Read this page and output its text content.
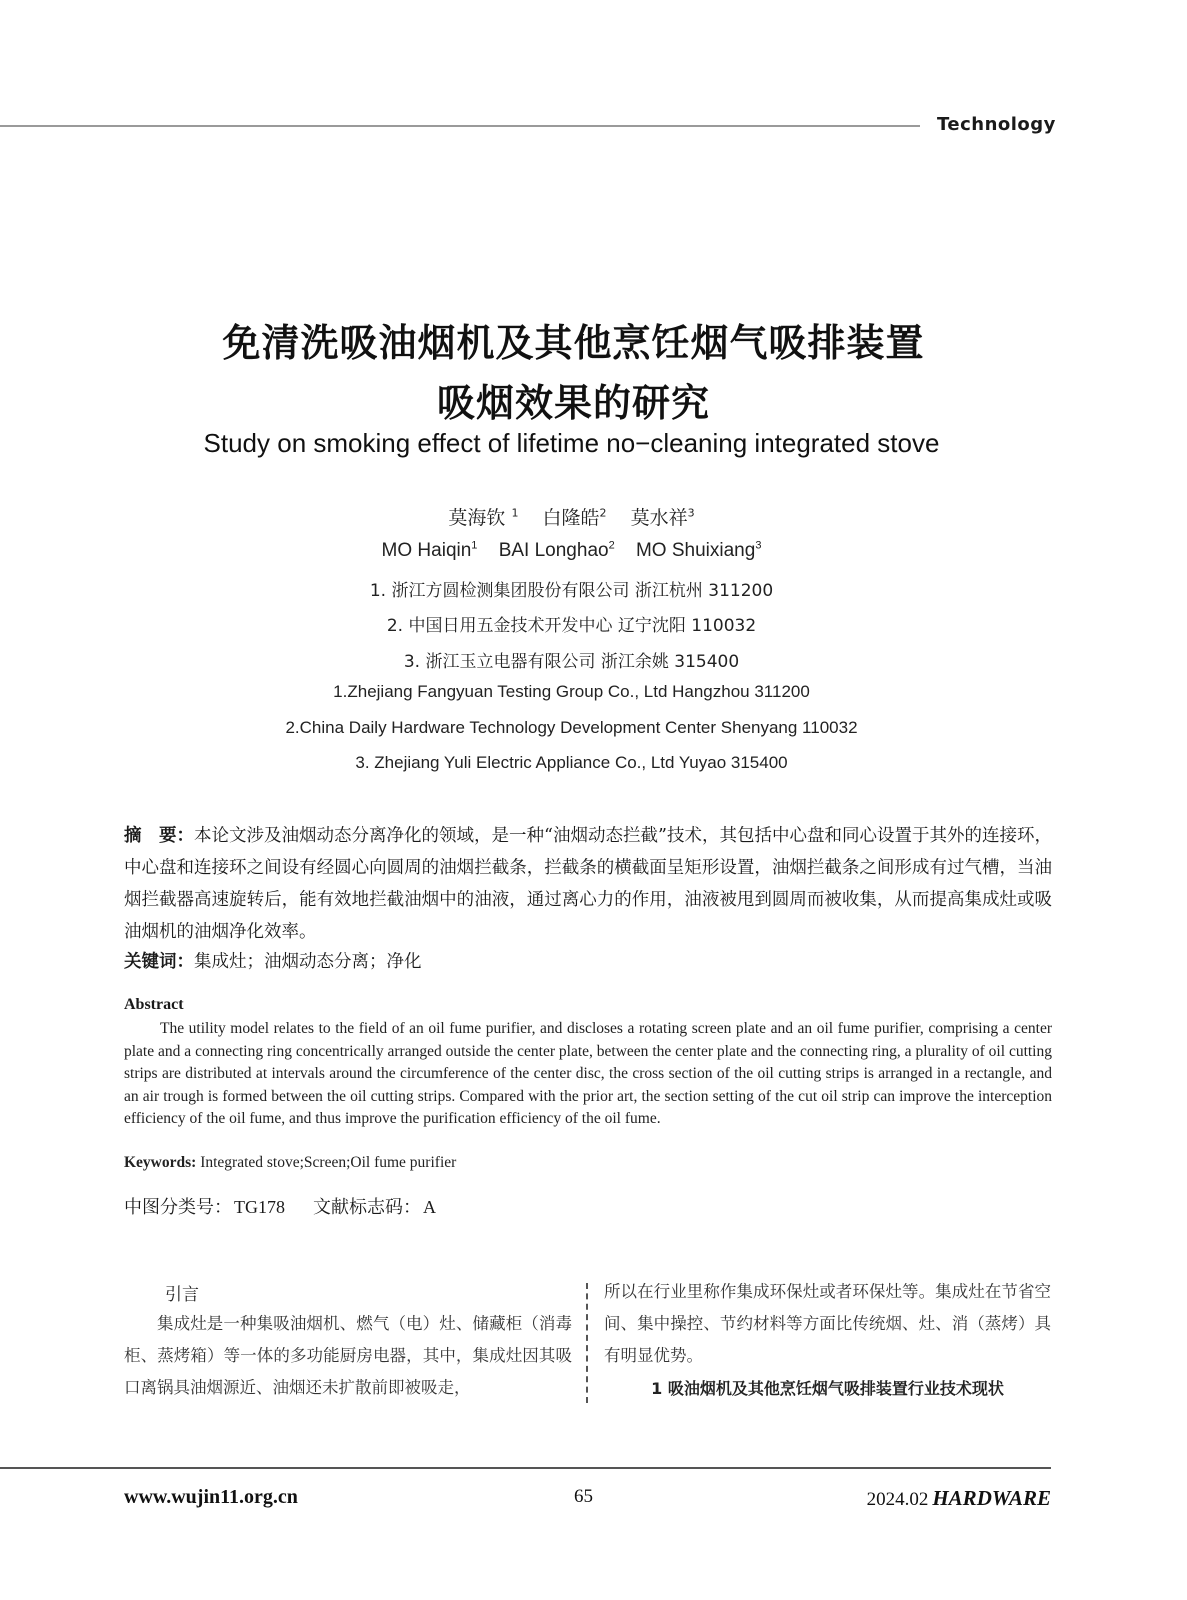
Technology
免清洗吸油烟机及其他烹饪烟气吸排装置
吸烟效果的研究
Study on smoking effect of lifetime no−cleaning integrated stove
莫海钦 $^1$ 白隆皓$^2$ 莫水祥$^3$
MO Haiqin$^1$ BAI Longhao$^2$ MO Shuixiang$^3$
1. 浙江方圆检测集团股份有限公司 浙江杭州 311200
2. 中国日用五金技术开发中心 辽宁沈阳 110032
3. 浙江玉立电器有限公司 浙江余姚 315400
1.Zhejiang Fangyuan Testing Group Co., Ltd Hangzhou 311200
2.China Daily Hardware Technology Development Center Shenyang 110032
3. Zhejiang Yuli Electric Appliance Co., Ltd Yuyao 315400
摘　要：本论文涉及油烟动态分离净化的领域，是一种“油烟动态拦截”技术，其包括中心盘和同心设置于其外的连接环，中心盘和连接环之间设有经圆心向圆周的油烟拦截条，拦截条的横截面呈矩形设置，油烟拦截条之间形成有过气槽，当油烟拦截器高速旋转后，能有效地拦截油烟中的油液，通过离心力的作用，油液被甩到圆周而被收集，从而提高集成灶或吸油烟机的油烟净化效率。
关键词：集成灶；油烟动态分离；净化
Abstract
The utility model relates to the field of an oil fume purifier, and discloses a rotating screen plate and an oil fume purifier, comprising a center plate and a connecting ring concentrically arranged outside the center plate, between the center plate and the connecting ring, a plurality of oil cutting strips are distributed at intervals around the circumference of the center disc, the cross section of the oil cutting strips is arranged in a rectangle, and an air trough is formed between the oil cutting strips. Compared with the prior art, the section setting of the cut oil strip can improve the interception efficiency of the oil fume, and thus improve the purification efficiency of the oil fume.
Keywords: Integrated stove;Screen;Oil fume purifier
中图分类号： TG178 文献标志码： A
引言
集成灶是一种集吸油烟机、燃气（电）灶、储藏柜（消毒柜、蒸烤箱）等一体的多功能厨房电器，其中，集成灶因其吸口离锅具油烟源近、油烟还未扩散前即被吸走，
所以在行业里称作集成环保灶或者环保灶等。集成灶在节省空间、集中操控、节约材料等方面比传统烟、灶、消（蒸烤）具有明显优势。
1 吸油烟机及其他烹饪烟气吸排装置行业技术现状
www.wujin11.org.cn	65	2024.02 HARDWARE
